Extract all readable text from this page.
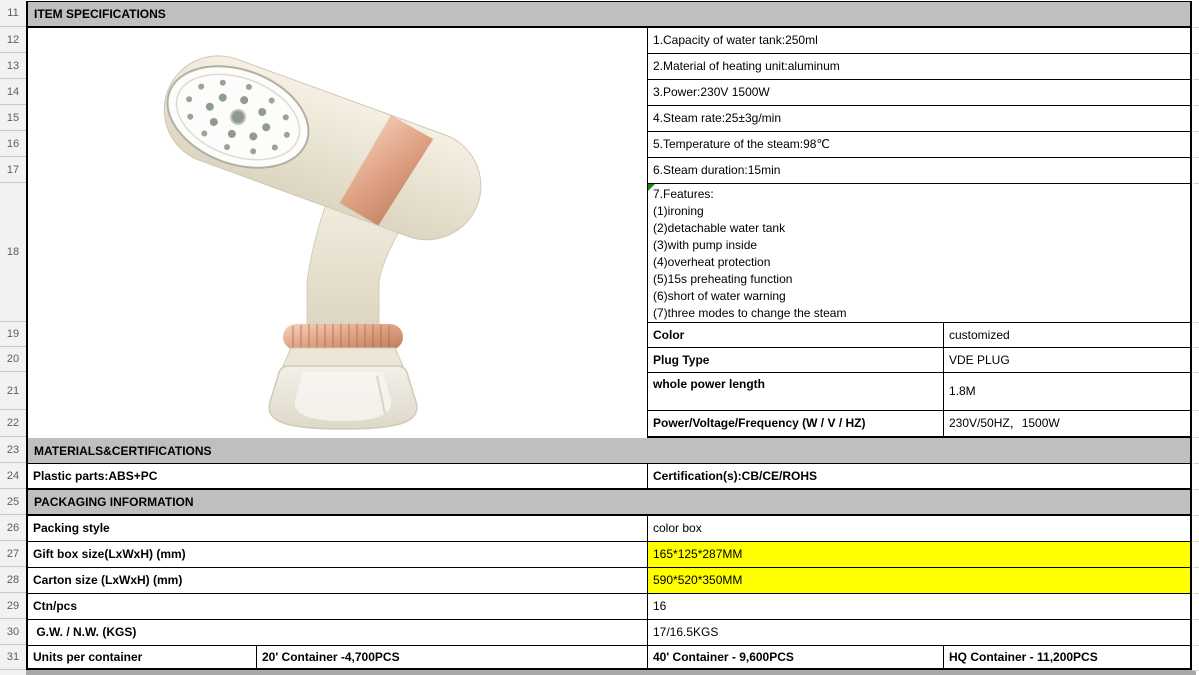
11
12
13
14
15
16
17
18
19
20
21
22
23
24
25
26
27
28
29
30
31
ITEM SPECIFICATIONS
1.Capacity of water tank:250ml
2.Material of heating unit:aluminum
3.Power:230V 1500W
4.Steam rate:25±3g/min
5.Temperature of the steam:98℃
6.Steam duration:15min
7.Features:
(1)ironing
(2)detachable water tank
(3)with pump inside
(4)overheat protection
(5)15s preheating function
(6)short of water warning
(7)three modes to change the steam
Color	customized
Plug Type	VDE PLUG
whole power length	1.8M
Power/Voltage/Frequency (W / V / HZ)	230V/50HZ，1500W
MATERIALS&CERTIFICATIONS
Plastic parts:ABS+PC	Certification(s):CB/CE/ROHS
PACKAGING INFORMATION
Packing style	color box
Gift box size(LxWxH) (mm)	165*125*287MM
Carton size (LxWxH) (mm)	590*520*350MM
Ctn/pcs	16
G.W. / N.W. (KGS)	17/16.5KGS
Units per container	20' Container -4,700PCS	40' Container - 9,600PCS	HQ Container - 11,200PCS
